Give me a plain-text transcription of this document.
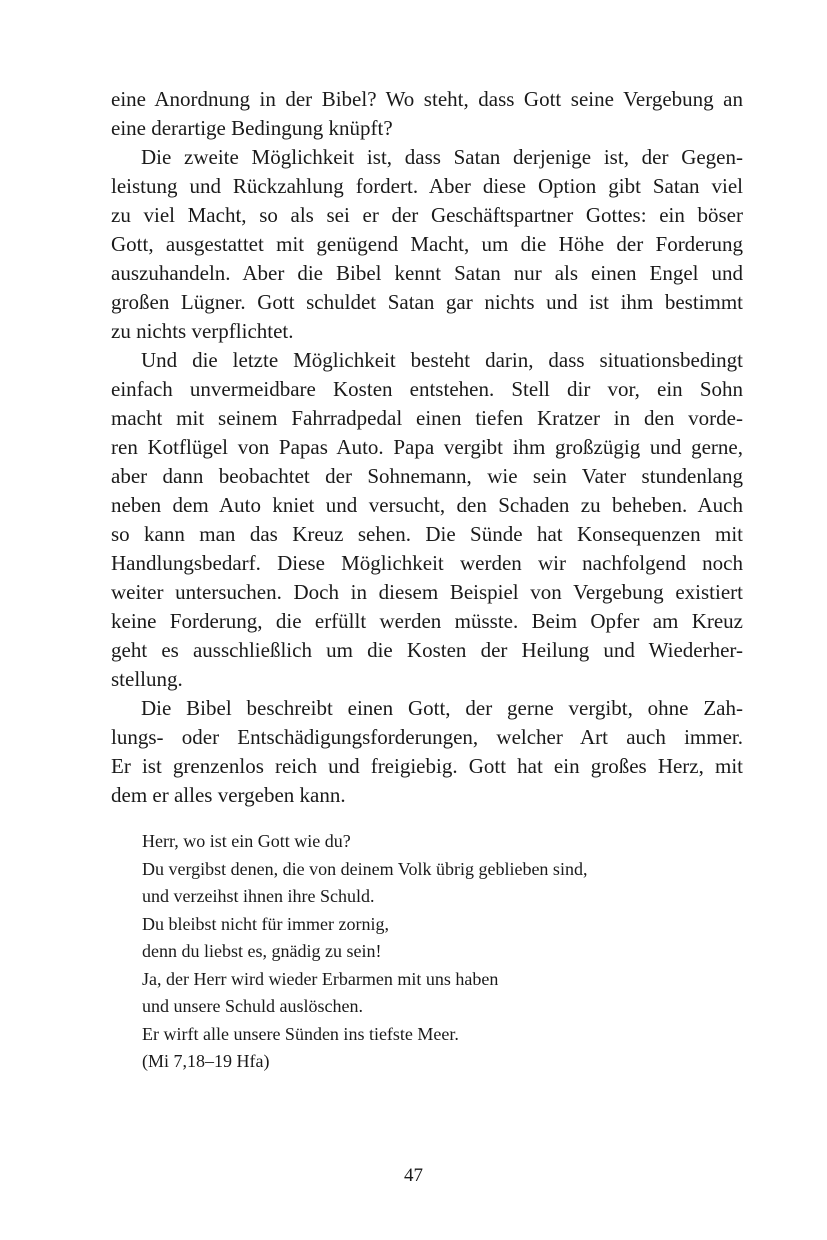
eine Anordnung in der Bibel? Wo steht, dass Gott seine Vergebung an
eine derartige Bedingung knüpft?
Die zweite Möglichkeit ist, dass Satan derjenige ist, der Gegen-
leistung und Rückzahlung fordert. Aber diese Option gibt Satan viel
zu viel Macht, so als sei er der Geschäftspartner Gottes: ein böser
Gott, ausgestattet mit genügend Macht, um die Höhe der Forderung
auszuhandeln. Aber die Bibel kennt Satan nur als einen Engel und
großen Lügner. Gott schuldet Satan gar nichts und ist ihm bestimmt
zu nichts verpflichtet.
Und die letzte Möglichkeit besteht darin, dass situationsbedingt
einfach unvermeidbare Kosten entstehen. Stell dir vor, ein Sohn
macht mit seinem Fahrradpedal einen tiefen Kratzer in den vorde-
ren Kotflügel von Papas Auto. Papa vergibt ihm großzügig und gerne,
aber dann beobachtet der Sohnemann, wie sein Vater stundenlang
neben dem Auto kniet und versucht, den Schaden zu beheben. Auch
so kann man das Kreuz sehen. Die Sünde hat Konsequenzen mit
Handlungsbedarf. Diese Möglichkeit werden wir nachfolgend noch
weiter untersuchen. Doch in diesem Beispiel von Vergebung existiert
keine Forderung, die erfüllt werden müsste. Beim Opfer am Kreuz
geht es ausschließlich um die Kosten der Heilung und Wiederher-
stellung.
Die Bibel beschreibt einen Gott, der gerne vergibt, ohne Zah-
lungs- oder Entschädigungsforderungen, welcher Art auch immer.
Er ist grenzenlos reich und freigiebig. Gott hat ein großes Herz, mit
dem er alles vergeben kann.
Herr, wo ist ein Gott wie du?
Du vergibst denen, die von deinem Volk übrig geblieben sind,
und verzeihst ihnen ihre Schuld.
Du bleibst nicht für immer zornig,
denn du liebst es, gnädig zu sein!
Ja, der Herr wird wieder Erbarmen mit uns haben
und unsere Schuld auslöschen.
Er wirft alle unsere Sünden ins tiefste Meer.
(Mi 7,18–19 Hfa)
47
